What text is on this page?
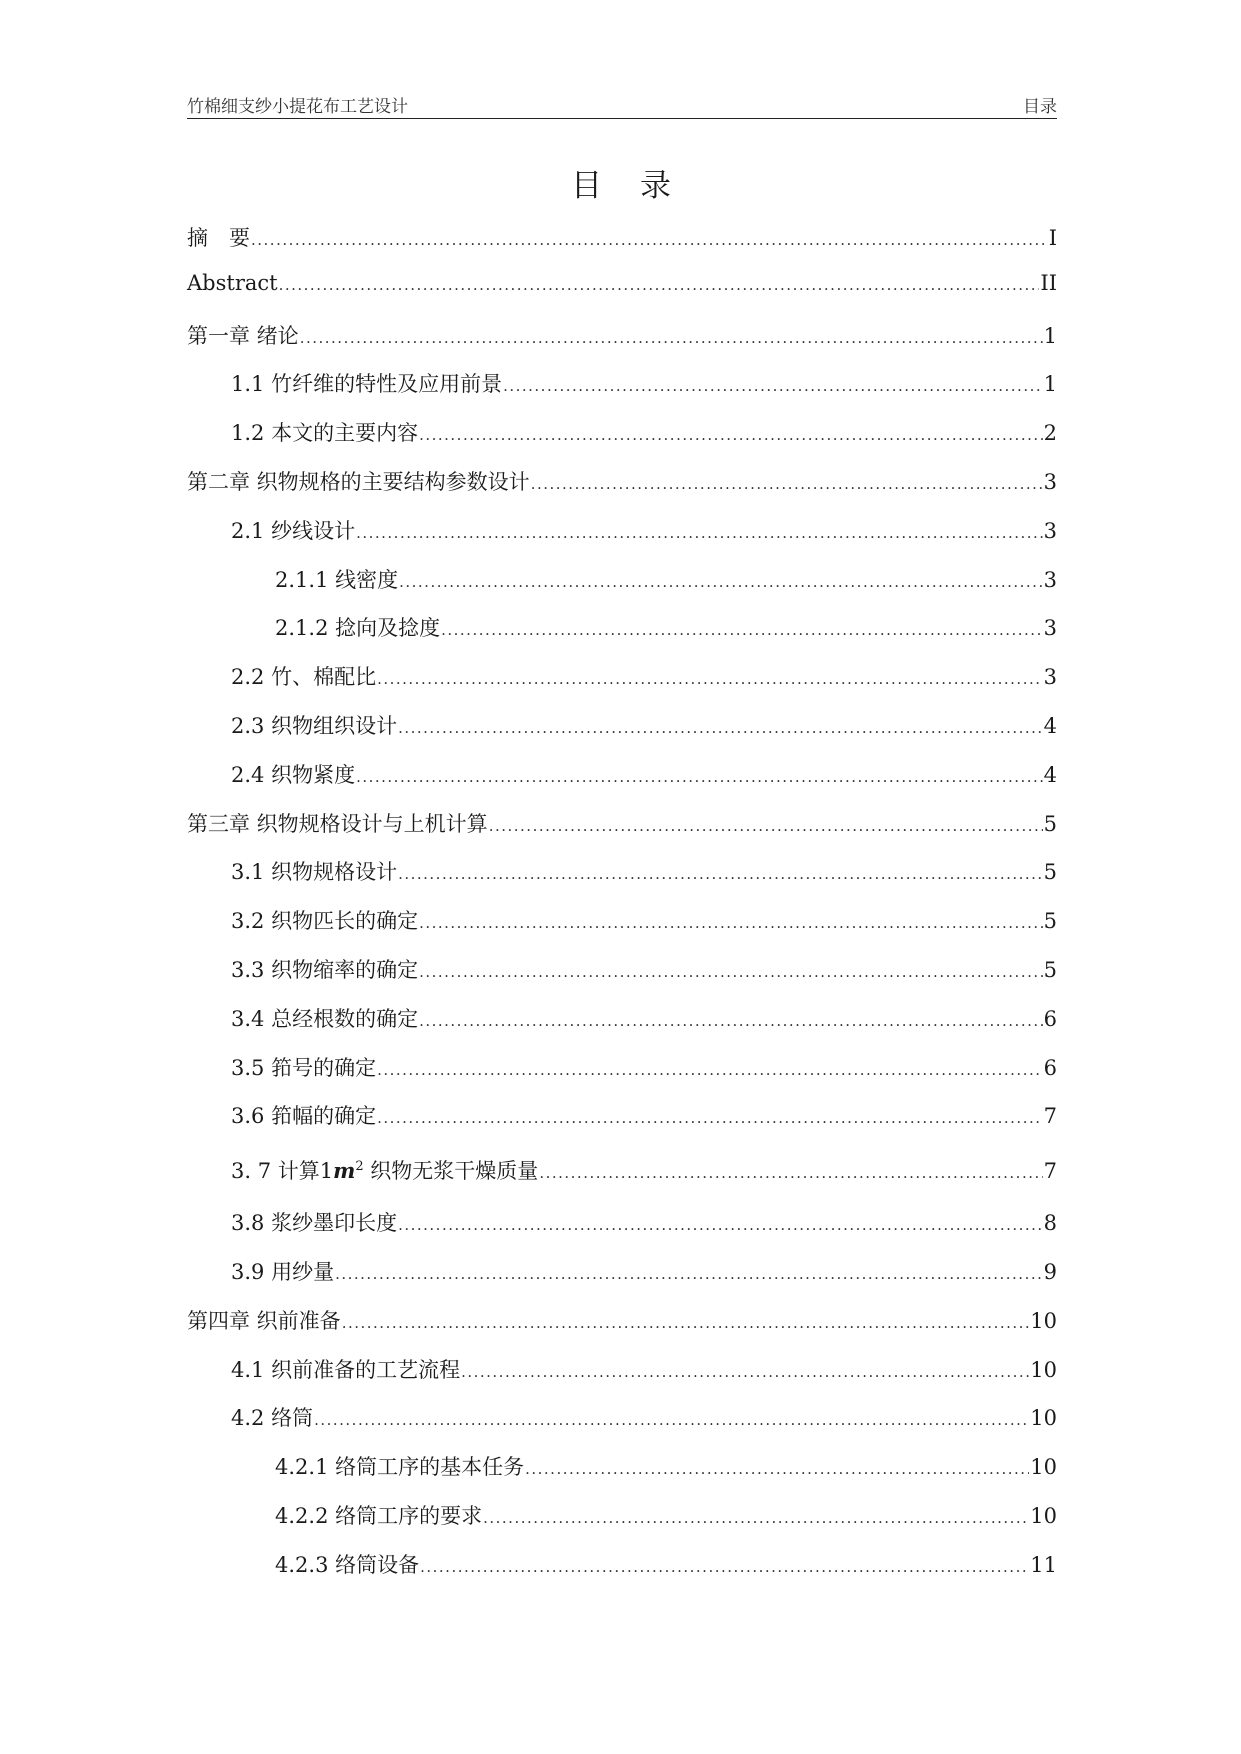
竹棉细支纱小提花布工艺设计	目录
目 录
摘　要 .....	I
Abstract .....	II
第一章 绪论 .....	1
1.1 竹纤维的特性及应用前景 .....	1
1.2 本文的主要内容 .....	2
第二章 织物规格的主要结构参数设计 .....	3
2.1 纱线设计 .....	3
2.1.1 线密度 .....	3
2.1.2 捻向及捻度 .....	3
2.2 竹、棉配比 .....	3
2.3 织物组织设计 .....	4
2.4 织物紧度 .....	4
第三章 织物规格设计与上机计算 .....	5
3.1 织物规格设计 .....	5
3.2 织物匹长的确定 .....	5
3.3 织物缩率的确定 .....	5
3.4 总经根数的确定 .....	6
3.5 筘号的确定 .....	6
3.6 筘幅的确定 .....	7
3. 7 计算$1m^2$ 织物无浆干燥质量 .....	7
3.8 浆纱墨印长度 .....	8
3.9 用纱量 .....	9
第四章 织前准备 .....	10
4.1 织前准备的工艺流程 .....	10
4.2 络筒 .....	10
4.2.1 络筒工序的基本任务 .....	10
4.2.2 络筒工序的要求 .....	10
4.2.3 络筒设备 .....	11
